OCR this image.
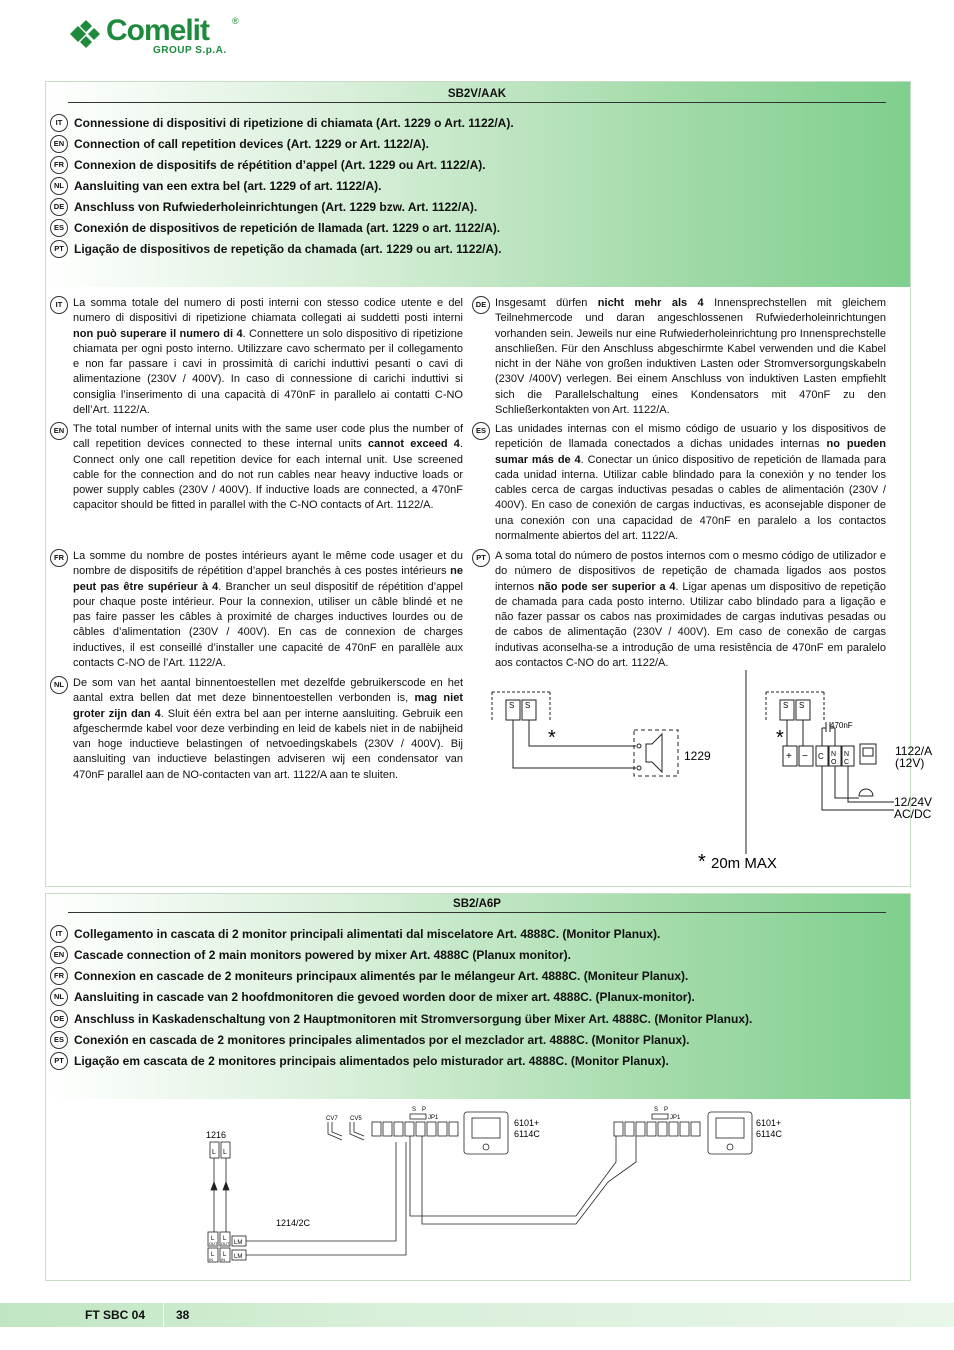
Comelit	®
GROUP S.p.A.
SB2V/AAK
IT Connessione di dispositivi di ripetizione di chiamata (Art. 1229 o Art. 1122/A).
EN Connection of call repetition devices (Art. 1229 or Art. 1122/A).
FR Connexion de dispositifs de répétition d’appel (Art. 1229 ou Art. 1122/A).
NL Aansluiting van een extra bel (art. 1229 of art. 1122/A).
DE Anschluss von Rufwiederholeinrichtungen (Art. 1229 bzw. Art. 1122/A).
ES Conexión de dispositivos de repetición de llamada (art. 1229 o art. 1122/A).
PT Ligação de dispositivos de repetição da chamada (art. 1229 ou art. 1122/A).
IT La somma totale del numero di posti interni con stesso codice utente e del numero di dispositivi di ripetizione chiamata collegati ai suddetti posti interni non può superare il numero di 4. Connettere un solo dispositivo di ripetizione chiamata per ogni posto interno. Utilizzare cavo schermato per il collegamento e non far passare i cavi in prossimità di carichi induttivi pesanti o cavi di alimentazione (230V / 400V). In caso di connessione di carichi induttivi si consiglia l’inserimento di una capacità di 470nF in parallelo ai contatti C-NO dell’Art. 1122/A.
EN The total number of internal units with the same user code plus the number of call repetition devices connected to these internal units cannot exceed 4. Connect only one call repetition device for each internal unit. Use screened cable for the connection and do not run cables near heavy inductive loads or power supply cables (230V / 400V). If inductive loads are connected, a 470nF capacitor should be fitted in parallel with the C-NO contacts of Art. 1122/A.
FR La somme du nombre de postes intérieurs ayant le même code usager et du nombre de dispositifs de répétition d’appel branchés à ces postes intérieurs ne peut pas être supérieur à 4. Brancher un seul dispositif de répétition d’appel pour chaque poste intérieur. Pour la connexion, utiliser un câble blindé et ne pas faire passer les câbles à proximité de charges inductives lourdes ou de câbles d’alimentation (230V / 400V). En cas de connexion de charges inductives, il est conseillé d’installer une capacité de 470nF en parallèle aux contacts C-NO de l’Art. 1122/A.
NL De som van het aantal binnentoestellen met dezelfde gebruikerscode en het aantal extra bellen dat met deze binnentoestellen verbonden is, mag niet groter zijn dan 4. Sluit één extra bel aan per interne aansluiting. Gebruik een afgeschermde kabel voor deze verbinding en leid de kabels niet in de nabijheid van hoge inductieve belastingen of netvoedingskabels (230V / 400V). Bij aansluiting van inductieve belastingen adviseren wij een condensator van 470nF parallel aan de NO-contacten van art. 1122/A aan te sluiten.
DE Insgesamt dürfen nicht mehr als 4 Innensprechstellen mit gleichem Teilnehmercode und daran angeschlossenen Rufwiederholeinrichtungen vorhanden sein. Jeweils nur eine Rufwiederholeinrichtung pro Innensprechstelle anschließen. Für den Anschluss abgeschirmte Kabel verwenden und die Kabel nicht in der Nähe von großen induktiven Lasten oder Stromversorgungskabeln (230V /400V) verlegen. Bei einem Anschluss von induktiven Lasten empfiehlt sich die Parallelschaltung eines Kondensators mit 470nF zu den Schließerkontakten von Art. 1122/A.
ES Las unidades internas con el mismo código de usuario y los dispositivos de repetición de llamada conectados a dichas unidades internas no pueden sumar más de 4. Conectar un único dispositivo de repetición de llamada para cada unidad interna. Utilizar cable blindado para la conexión y no tender los cables cerca de cargas inductivas pesadas o cables de alimentación (230V / 400V). En caso de conexión de cargas inductivas, es aconsejable disponer de una conexión con una capacidad de 470nF en paralelo a los contactos normalmente abiertos del art. 1122/A.
PT A soma total do número de postos internos com o mesmo código de utilizador e do número de dispositivos de repetição de chamada ligados aos postos internos não pode ser superior a 4. Ligar apenas um dispositivo de repetição de chamada para cada posto interno. Utilizar cabo blindado para a ligação e não fazer passar os cabos nas proximidades de cargas indutivas pesadas ou de cabos de alimentação (230V / 400V). Em caso de conexão de cargas indutivas aconselha-se a introdução de uma resistência de 470nF em paralelo aos contactos C-NO do art. 1122/A.
S S	S S
1229
470nF
+ − C N
O
N
C
1122/A
(12V)
12/24V
AC/DC
*	*
* 20m MAX
SB2/A6P
IT Collegamento in cascata di 2 monitor principali alimentati dal miscelatore Art. 4888C. (Monitor Planux).
EN Cascade connection of 2 main monitors powered by mixer Art. 4888C (Planux monitor).
FR Connexion en cascade de 2 moniteurs principaux alimentés par le mélangeur Art. 4888C. (Moniteur Planux).
NL Aansluiting in cascade van 2 hoofdmonitoren die gevoed worden door de mixer art. 4888C. (Planux-monitor).
DE Anschluss in Kaskadenschaltung von 2 Hauptmonitoren mit Stromversorgung über Mixer Art. 4888C. (Monitor Planux).
ES Conexión en cascada de 2 monitores principales alimentados por el mezclador art. 4888C. (Monitor Planux).
PT Ligação em cascata de 2 monitores principais alimentados pelo misturador art. 4888C. (Monitor Planux).
1216
1214/2C
CV7 CV5
S P
JP1
S P
JP1
6101+
6114C
6101+
6114C
L L
L
OUT
L
OUT LM
L
IN
L
IN LM
FT SBC 04	38
